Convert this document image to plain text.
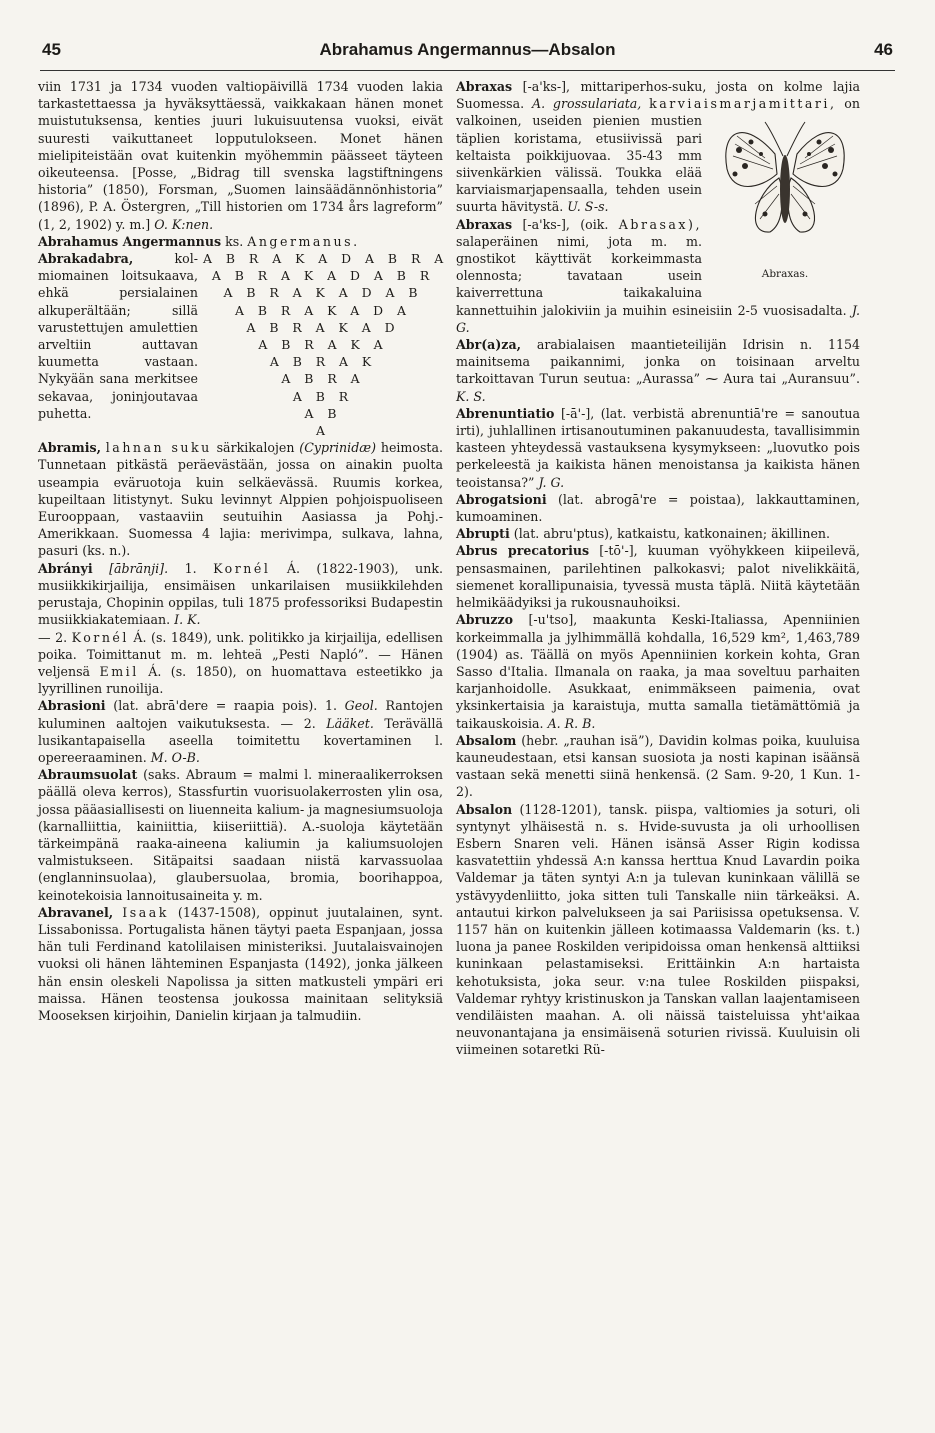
45	Abrahamus Angermannus—Absalon	46

viin 1731 ja 1734 vuoden valtiopäivillä 1734 vuoden lakia tarkastettaessa ja hyväksyttäessä, vaikkakaan hänen monet muistutuksensa, kenties juuri lukuisuutensa vuoksi, eivät suuresti vaikuttaneet lopputulokseen. Monet hänen mielipiteistään ovat kuitenkin myöhemmin päässeet täyteen oikeuteensa. [Posse, „Bidrag till svenska lagstiftningens historia” (1850), Forsman, „Suomen lainsäädännönhistoria” (1896), P. A. Östergren, „Till historien om 1734 års lagreform” (1, 2, 1902) y. m.] O. K:nen.

Abrahamus Angermannus ks. Angermanus.

Abrakadabra,	kol-miomainen loitsukaava, ehkä persialainen alkuperältään; sillä varustettujen amulettien arveltiin auttavan kuumetta vastaan. Nykyään sana merkitsee sekavaa, joninjoutavaa puhetta.
A B R A K A D A B R A
A B R A K A D A B R
A B R A K A D A B
A B R A K A D A
A B R A K A D
A B R A K A
A B R A K
A B R A
A B R
A B
A

Abramis, lahnan suku särkikalojen (Cyprinidæ) heimosta. Tunnetaan pitkästä peräevästään, jossa on ainakin puolta useampia eväruotoja kuin selkäevässä. Ruumis korkea, kupeiltaan litistynyt. Suku levinnyt Alppien pohjoispuoliseen Eurooppaan, vastaaviin seutuihin Aasiassa ja Pohj.-Amerikkaan. Suomessa 4 lajia: merivimpa, sulkava, lahna, pasuri (ks. n.).

Abrányi [ābrānji]. 1. Kornél Á. (1822-1903), unk. musiikkikirjailija, ensimäisen unkarilaisen musiikkilehden perustaja, Chopinin oppilas, tuli 1875 professoriksi Budapestin musiikkiakatemiaan. I. K.

— 2. Kornél Á. (s. 1849), unk. politikko ja kirjailija, edellisen poika. Toimittanut m. m. lehteä „Pesti Napló”. — Hänen veljensä Emil Á. (s. 1850), on huomattava esteetikko ja lyyrillinen runoilija.

Abrasioni (lat. abrā'dere = raapia pois). 1. Geol. Rantojen kuluminen aaltojen vaikutuksesta. — 2. Lääket. Terävällä lusikantapaisella aseella toimitettu kovertaminen l. opereeraaminen. M. O-B.

Abraumsuolat (saks. Abraum = malmi l. mineraalikerroksen päällä oleva kerros), Stassfurtin vuorisuolakerrosten ylin osa, jossa pääasiallisesti on liuenneita kalium- ja magnesiumsuoloja (karnalliittia, kainiittia, kiiseriittiä). A.-suoloja käytetään tärkeimpänä raaka-aineena kaliumin ja kaliumsuolojen valmistukseen. Sitäpaitsi saadaan niistä karvassuolaa (englanninsuolaa), glaubersuolaa, bromia, boorihappoa, keinotekoisia lannoitusaineita y. m.

Abravanel, Isaak (1437-1508), oppinut juutalainen, synt. Lissabonissa. Portugalista hänen täytyi paeta Espanjaan, jossa hän tuli Ferdinand katolilaisen ministeriksi. Juutalaisvainojen vuoksi oli hänen lähteminen Espanjasta (1492), jonka jälkeen hän ensin oleskeli Napolissa ja sitten matkusteli ympäri eri maissa. Hänen teostensa joukossa mainitaan selityksiä Mooseksen kirjoihin, Danielin kirjaan ja talmudiin.

Abraxas [-a'ks-], mittariperhos-suku, josta on kolme lajia Suomessa. A. grossulariata, karviaismarjamittari,
Abraxas.
on valkoinen, useiden pienien mustien täplien koristama, etusiivissä pari keltaista poikkijuovaa. 35-43 mm siivenkärkien välissä. Toukka elää karviaismarjapensaalla, tehden usein suurta hävitystä. U. S-s.

Abraxas [-a'ks-], (oik. Abrasax), salaperäinen nimi, jota m. m. gnostikot käyttivät korkeimmasta olennosta; tavataan usein kaiverrettuna taikakaluina kannettuihin jalokiviin ja muihin esineisiin 2-5 vuosisadalta. J. G.

Abr(a)za, arabialaisen maantieteilijän Idrisin n. 1154 mainitsema paikannimi, jonka on toisinaan arveltu tarkoittavan Turun seutua: „Aurassa” ⁓ Aura tai „Auransuu”. K. S.

Abrenuntiatio [-ā'-], (lat. verbistä abrenuntiā're = sanoutua irti), juhlallinen irtisanoutuminen pakanuudesta, tavallisimmin kasteen yhteydessä vastauksena kysymykseen: „luovutko pois perkeleestä ja kaikista hänen menoistansa ja kaikista hänen teoistansa?” J. G.

Abrogatsioni (lat. abrogā're = poistaa), lakkauttaminen, kumoaminen.

Abrupti (lat. abru'ptus), katkaistu, katkonainen; äkillinen.

Abrus precatorius [-tō'-], kuuman vyöhykkeen kiipeilevä, pensasmainen, parilehtinen palkokasvi; palot nivelikkäitä, siemenet korallipunaisia, tyvessä musta täplä. Niitä käytetään helmikäädyiksi ja rukousnauhoiksi.

Abruzzo [-u'tso], maakunta Keski-Italiassa, Apenniinien korkeimmalla ja jylhimmällä kohdalla, 16,529 km², 1,463,789 (1904) as. Täällä on myös Apenniinien korkein kohta, Gran Sasso d'Italia. Ilmanala on raaka, ja maa soveltuu parhaiten karjanhoidolle. Asukkaat, enimmäkseen paimenia, ovat yksinkertaisia ja karaistuja, mutta samalla tietämättömiä ja taikauskoisia. A. R. B.

Absalom (hebr. „rauhan isä”), Davidin kolmas poika, kuuluisa kauneudestaan, etsi kansan suosiota ja nosti kapinan isäänsä vastaan sekä menetti siinä henkensä. (2 Sam. 9-20, 1 Kun. 1-2).

Absalon (1128-1201), tansk. piispa, valtiomies ja soturi, oli syntynyt ylhäisestä n. s. Hvide-suvusta ja oli urhoollisen Esbern Snaren veli. Hänen isänsä Asser Rigin kodissa kasvatettiin yhdessä A:n kanssa herttua Knud Lavardin poika Valdemar ja täten syntyi A:n ja tulevan kuninkaan välillä se ystävyydenliitto, joka sitten tuli Tanskalle niin tärkeäksi. A. antautui kirkon palvelukseen ja sai Pariisissa opetuksensa. V. 1157 hän on kuitenkin jälleen kotimaassa Valdemarin (ks. t.) luona ja panee Roskilden veripidoissa oman henkensä alttiiksi kuninkaan pelastamiseksi. Erittäinkin A:n hartaista kehotuksista, joka seur. v:na tulee Roskilden piispaksi, Valdemar ryhtyy kristinuskon ja Tanskan vallan laajentamiseen vendiläisten maahan. A. oli näissä taisteluissa yht'aikaa neuvonantajana ja ensimäisenä soturien rivissä. Kuuluisin oli viimeinen sotaretki Rü-
